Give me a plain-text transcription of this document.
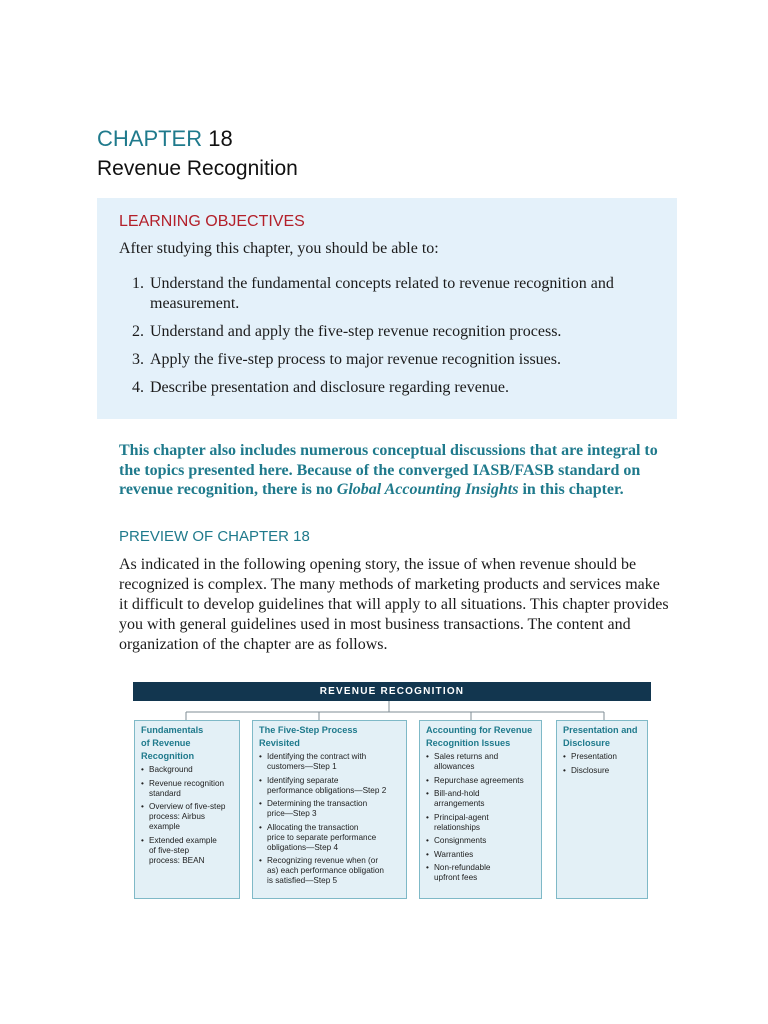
CHAPTER 18
Revenue Recognition

LEARNING OBJECTIVES

After studying this chapter, you should be able to:

1. Understand the fundamental concepts related to revenue recognition and measurement.
2. Understand and apply the five-step revenue recognition process.
3. Apply the five-step process to major revenue recognition issues.
4. Describe presentation and disclosure regarding revenue.

This chapter also includes numerous conceptual discussions that are integral to the topics presented here. Because of the converged IASB/FASB standard on revenue recognition, there is no Global Accounting Insights in this chapter.

PREVIEW OF CHAPTER 18

As indicated in the following opening story, the issue of when revenue should be recognized is complex. The many methods of marketing products and services make it difficult to develop guidelines that will apply to all situations. This chapter provides you with general guidelines used in most business transactions. The content and organization of the chapter are as follows.

REVENUE RECOGNITION

Fundamentals
of Revenue
Recognition

• Background
• Revenue recognition
standard
• Overview of five-step
process: Airbus
example
• Extended example
of five-step
process: BEAN

The Five-Step Process
Revisited

• Identifying the contract with
customers—Step 1
• Identifying separate
performance obligations—Step 2
• Determining the transaction
price—Step 3
• Allocating the transaction
price to separate performance
obligations—Step 4
• Recognizing revenue when (or
as) each performance obligation
is satisfied—Step 5

Accounting for Revenue
Recognition Issues

• Sales returns and
allowances
• Repurchase agreements
• Bill-and-hold
arrangements
• Principal-agent
relationships
• Consignments
• Warranties
• Non-refundable
upfront fees

Presentation and
Disclosure

• Presentation
• Disclosure
